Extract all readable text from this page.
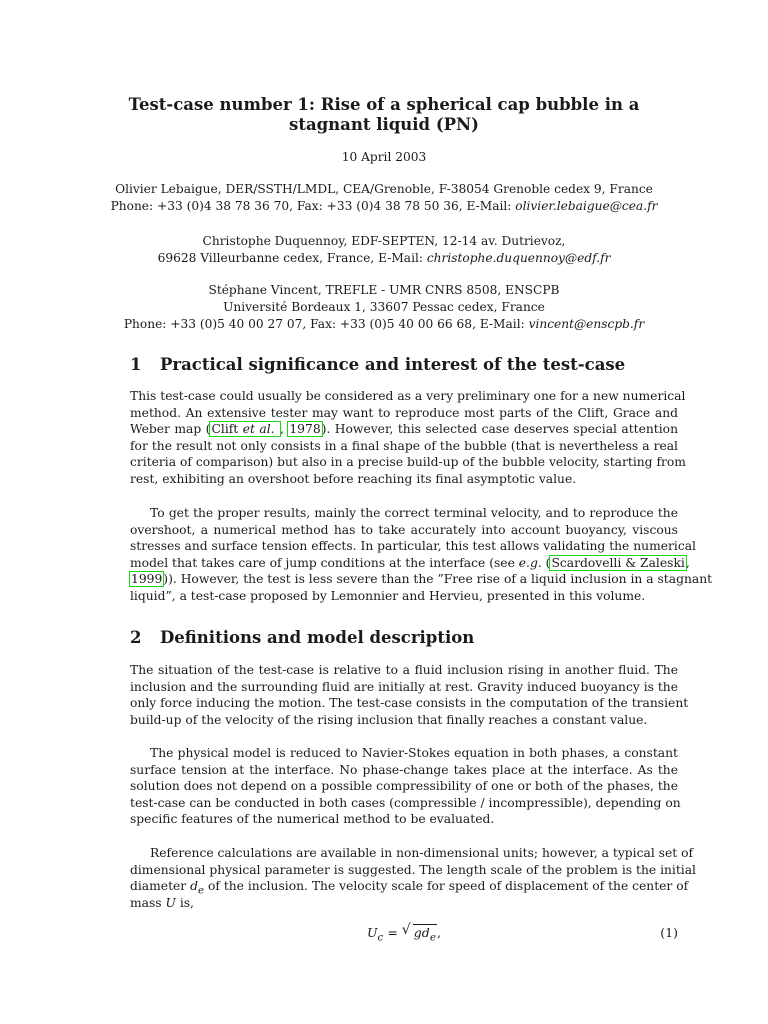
Test-case number 1: Rise of a spherical cap bubble in a
stagnant liquid (PN)
10 April 2003
Olivier Lebaigue, DER/SSTH/LMDL, CEA/Grenoble, F-38054 Grenoble cedex 9, France
Phone: +33 (0)4 38 78 36 70, Fax: +33 (0)4 38 78 50 36, E-Mail: olivier.lebaigue@cea.fr
Christophe Duquennoy, EDF-SEPTEN, 12-14 av. Dutrievoz,
69628 Villeurbanne cedex, France, E-Mail: christophe.duquennoy@edf.fr
Stéphane Vincent, TREFLE - UMR CNRS 8508, ENSCPB
Université Bordeaux 1, 33607 Pessac cedex, France
Phone: +33 (0)5 40 00 27 07, Fax: +33 (0)5 40 00 66 68, E-Mail: vincent@enscpb.fr
1 Practical significance and interest of the test-case
This test-case could usually be considered as a very preliminary one for a new numerical
method. An extensive tester may want to reproduce most parts of the Clift, Grace and
Weber map (Clift et al. , 1978). However, this selected case deserves special attention
for the result not only consists in a final shape of the bubble (that is nevertheless a real
criteria of comparison) but also in a precise build-up of the bubble velocity, starting from
rest, exhibiting an overshoot before reaching its final asymptotic value.
To get the proper results, mainly the correct terminal velocity, and to reproduce the
overshoot, a numerical method has to take accurately into account buoyancy, viscous
stresses and surface tension effects. In particular, this test allows validating the numerical
model that takes care of jump conditions at the interface (see e.g. (Scardovelli & Zaleski,
1999)). However, the test is less severe than the ”Free rise of a liquid inclusion in a stagnant
liquid”, a test-case proposed by Lemonnier and Hervieu, presented in this volume.
2 Definitions and model description
The situation of the test-case is relative to a fluid inclusion rising in another fluid. The
inclusion and the surrounding fluid are initially at rest. Gravity induced buoyancy is the
only force inducing the motion. The test-case consists in the computation of the transient
build-up of the velocity of the rising inclusion that finally reaches a constant value.
The physical model is reduced to Navier-Stokes equation in both phases, a constant
surface tension at the interface. No phase-change takes place at the interface. As the
solution does not depend on a possible compressibility of one or both of the phases, the
test-case can be conducted in both cases (compressible / incompressible), depending on
specific features of the numerical method to be evaluated.
Reference calculations are available in non-dimensional units; however, a typical set of
dimensional physical parameter is suggested. The length scale of the problem is the initial
diameter $d_e$ of the inclusion. The velocity scale for speed of displacement of the center of
mass U is,
$U_c$ = √ $gd_e$,	(1)
